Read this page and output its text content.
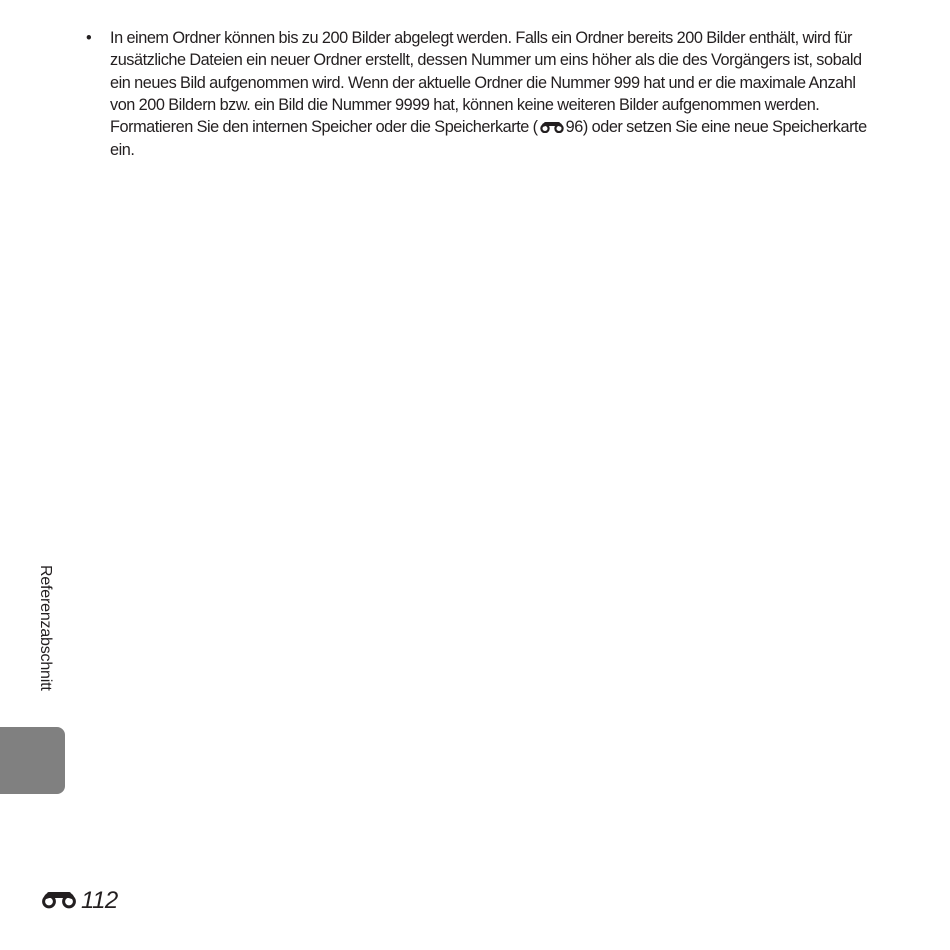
• In einem Ordner können bis zu 200 Bilder abgelegt werden. Falls ein Ordner bereits 200 Bilder enthält, wird für zusätzliche Dateien ein neuer Ordner erstellt, dessen Nummer um eins höher als die des Vorgängers ist, sobald ein neues Bild aufgenommen wird. Wenn der aktuelle Ordner die Nummer 999 hat und er die maximale Anzahl von 200 Bildern bzw. ein Bild die Nummer 9999 hat, können keine weiteren Bilder aufgenommen werden. Formatieren Sie den internen Speicher oder die Speicherkarte ( 96) oder setzen Sie eine neue Speicherkarte ein.
Referenzabschnitt
112
